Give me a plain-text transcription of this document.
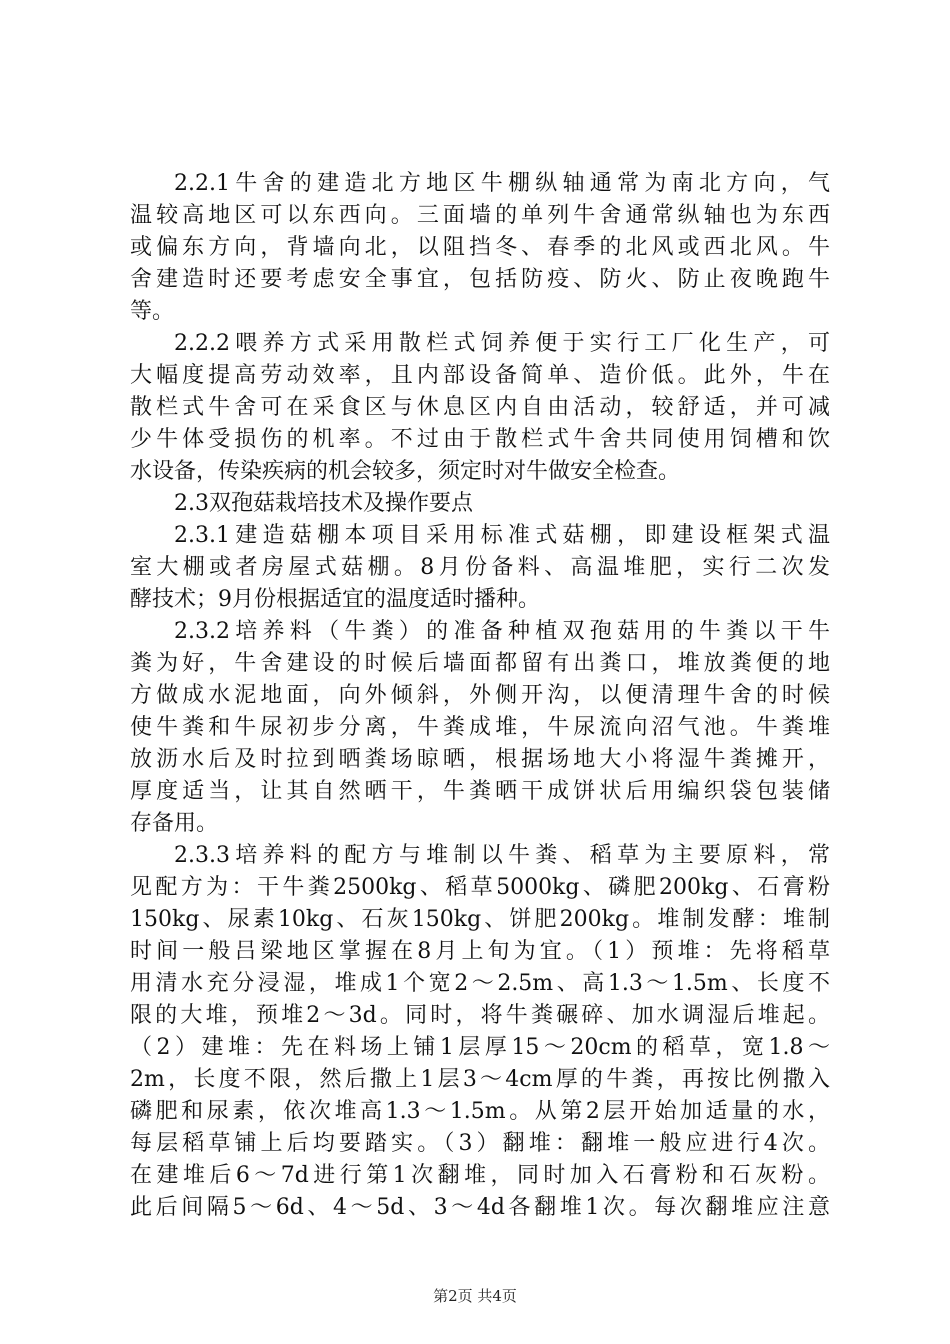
2.2.1牛舍的建造北方地区牛棚纵轴通常为南北方向，气
温较高地区可以东西向。三面墙的单列牛舍通常纵轴也为东西
或偏东方向，背墙向北，以阻挡冬、春季的北风或西北风。牛
舍建造时还要考虑安全事宜，包括防疫、防火、防止夜晚跑牛
等。
2.2.2喂养方式采用散栏式饲养便于实行工厂化生产，可
大幅度提高劳动效率，且内部设备简单、造价低。此外，牛在
散栏式牛舍可在采食区与休息区内自由活动，较舒适，并可减
少牛体受损伤的机率。不过由于散栏式牛舍共同使用饲槽和饮
水设备，传染疾病的机会较多，须定时对牛做安全检查。
2.3双孢菇栽培技术及操作要点
2.3.1建造菇棚本项目采用标准式菇棚，即建设框架式温
室大棚或者房屋式菇棚。8月份备料、高温堆肥，实行二次发
酵技术；9月份根据适宜的温度适时播种。
2.3.2培养料（牛粪）的准备种植双孢菇用的牛粪以干牛
粪为好，牛舍建设的时候后墙面都留有出粪口，堆放粪便的地
方做成水泥地面，向外倾斜，外侧开沟，以便清理牛舍的时候
使牛粪和牛尿初步分离，牛粪成堆，牛尿流向沼气池。牛粪堆
放沥水后及时拉到晒粪场晾晒，根据场地大小将湿牛粪摊开，
厚度适当，让其自然晒干，牛粪晒干成饼状后用编织袋包装储
存备用。
2.3.3培养料的配方与堆制以牛粪、稻草为主要原料，常
见配方为：干牛粪2500kg、稻草5000kg、磷肥200kg、石膏粉
150kg、尿素10kg、石灰150kg、饼肥200kg。堆制发酵：堆制
时间一般吕梁地区掌握在8月上旬为宜。（1）预堆：先将稻草
用清水充分浸湿，堆成1个宽2～2.5m、高1.3～1.5m、长度不
限的大堆，预堆2～3d。同时，将牛粪碾碎、加水调湿后堆起。
（2）建堆：先在料场上铺1层厚15～20cm的稻草，宽1.8～
2m，长度不限，然后撒上1层3～4cm厚的牛粪，再按比例撒入
磷肥和尿素，依次堆高1.3～1.5m。从第2层开始加适量的水，
每层稻草铺上后均要踏实。（3）翻堆：翻堆一般应进行4次。
在建堆后6～7d进行第1次翻堆，同时加入石膏粉和石灰粉。
此后间隔5～6d、4～5d、3～4d各翻堆1次。每次翻堆应注意
第2页 共4页
